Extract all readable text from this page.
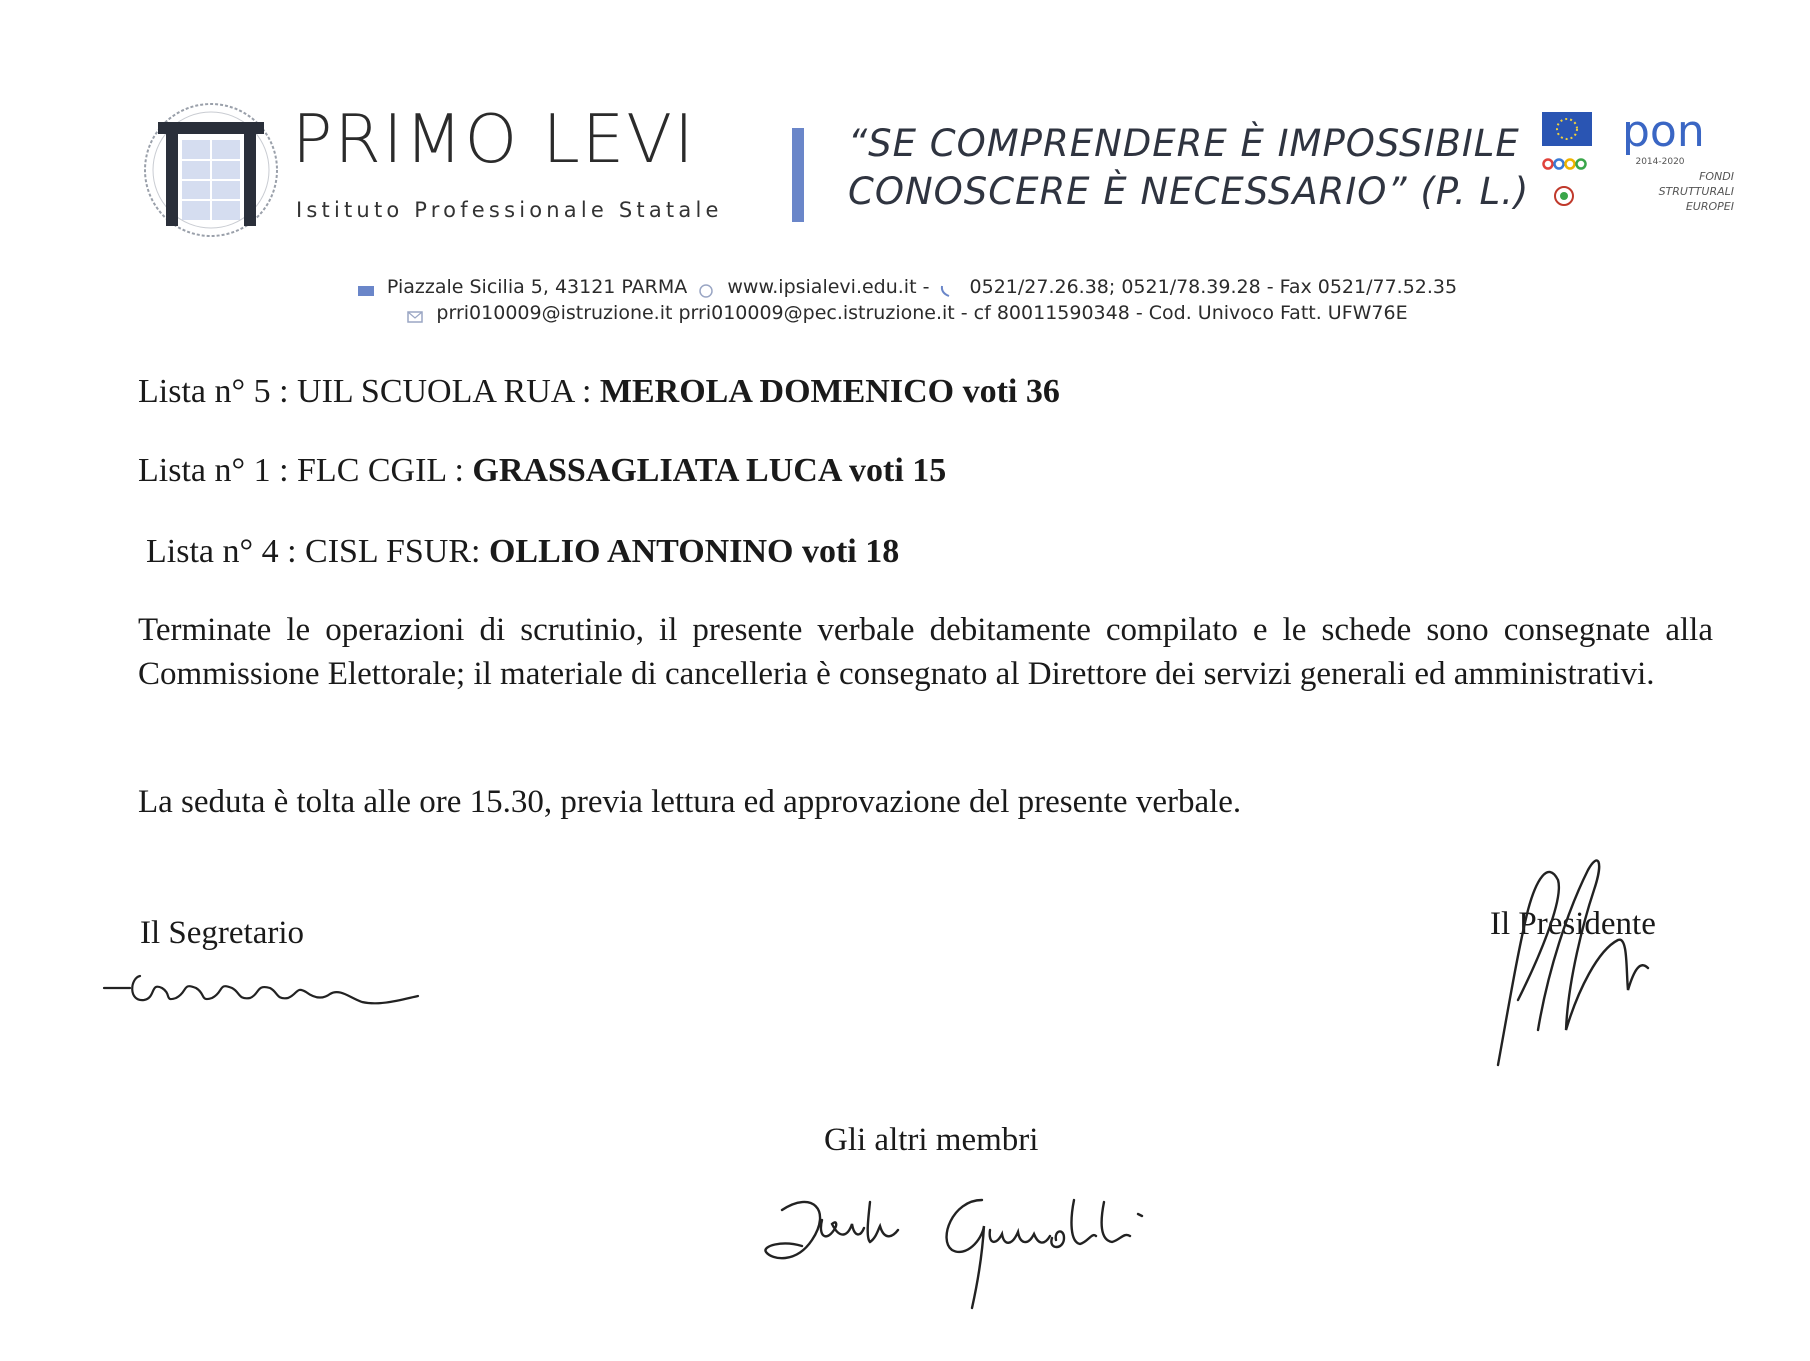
PRIMO LEVI
Istituto Professionale Statale
“SE COMPRENDERE È IMPOSSIBILE
CONOSCERE È NECESSARIO” (P. L.)
pon
2014-2020
FONDI
STRUTTURALI
EUROPEI
Piazzale Sicilia 5, 43121 PARMA www.ipsialevi.edu.it - 0521/27.26.38; 0521/78.39.28 - Fax 0521/77.52.35
prri010009@istruzione.it prri010009@pec.istruzione.it - cf 80011590348 - Cod. Univoco Fatt. UFW76E
Lista n° 5 : UIL SCUOLA RUA : MEROLA DOMENICO voti 36
Lista n° 1 : FLC CGIL : GRASSAGLIATA LUCA voti 15
Lista n° 4 : CISL FSUR: OLLIO ANTONINO voti 18
Terminate le operazioni di scrutinio, il presente verbale debitamente compilato e le schede sono consegnate alla Commissione Elettorale; il materiale di cancelleria è consegnato al Direttore dei servizi generali ed amministrativi.
La seduta è tolta alle ore 15.30, previa lettura ed approvazione del presente verbale.
Il Segretario	Il Presidente
Gli altri membri
